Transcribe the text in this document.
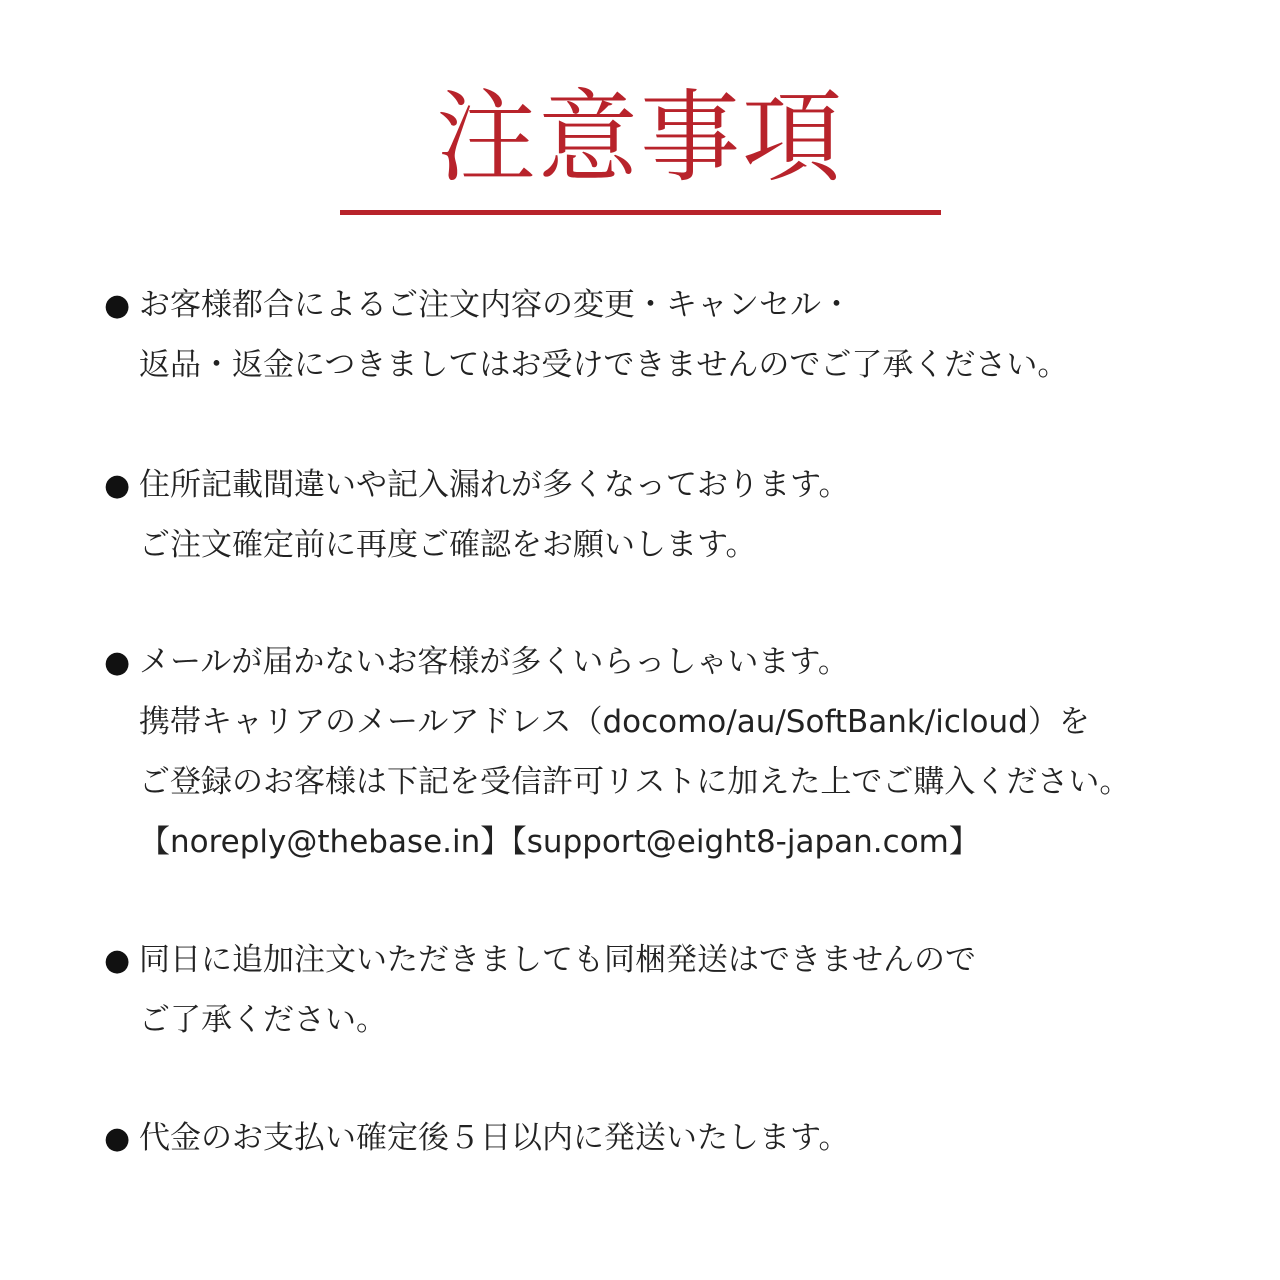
注意事項
● お客様都合によるご注文内容の変更・キャンセル・
返品・返金につきましてはお受けできませんのでご了承ください。
● 住所記載間違いや記入漏れが多くなっております。
ご注文確定前に再度ご確認をお願いします。
● メールが届かないお客様が多くいらっしゃいます。
携帯キャリアのメールアドレス（docomo/au/SoftBank/icloud）を
ご登録のお客様は下記を受信許可リストに加えた上でご購入ください。
【noreply@thebase.in】【support@eight8-japan.com】
● 同日に追加注文いただきましても同梱発送はできませんので
ご了承ください。
● 代金のお支払い確定後５日以内に発送いたします。
